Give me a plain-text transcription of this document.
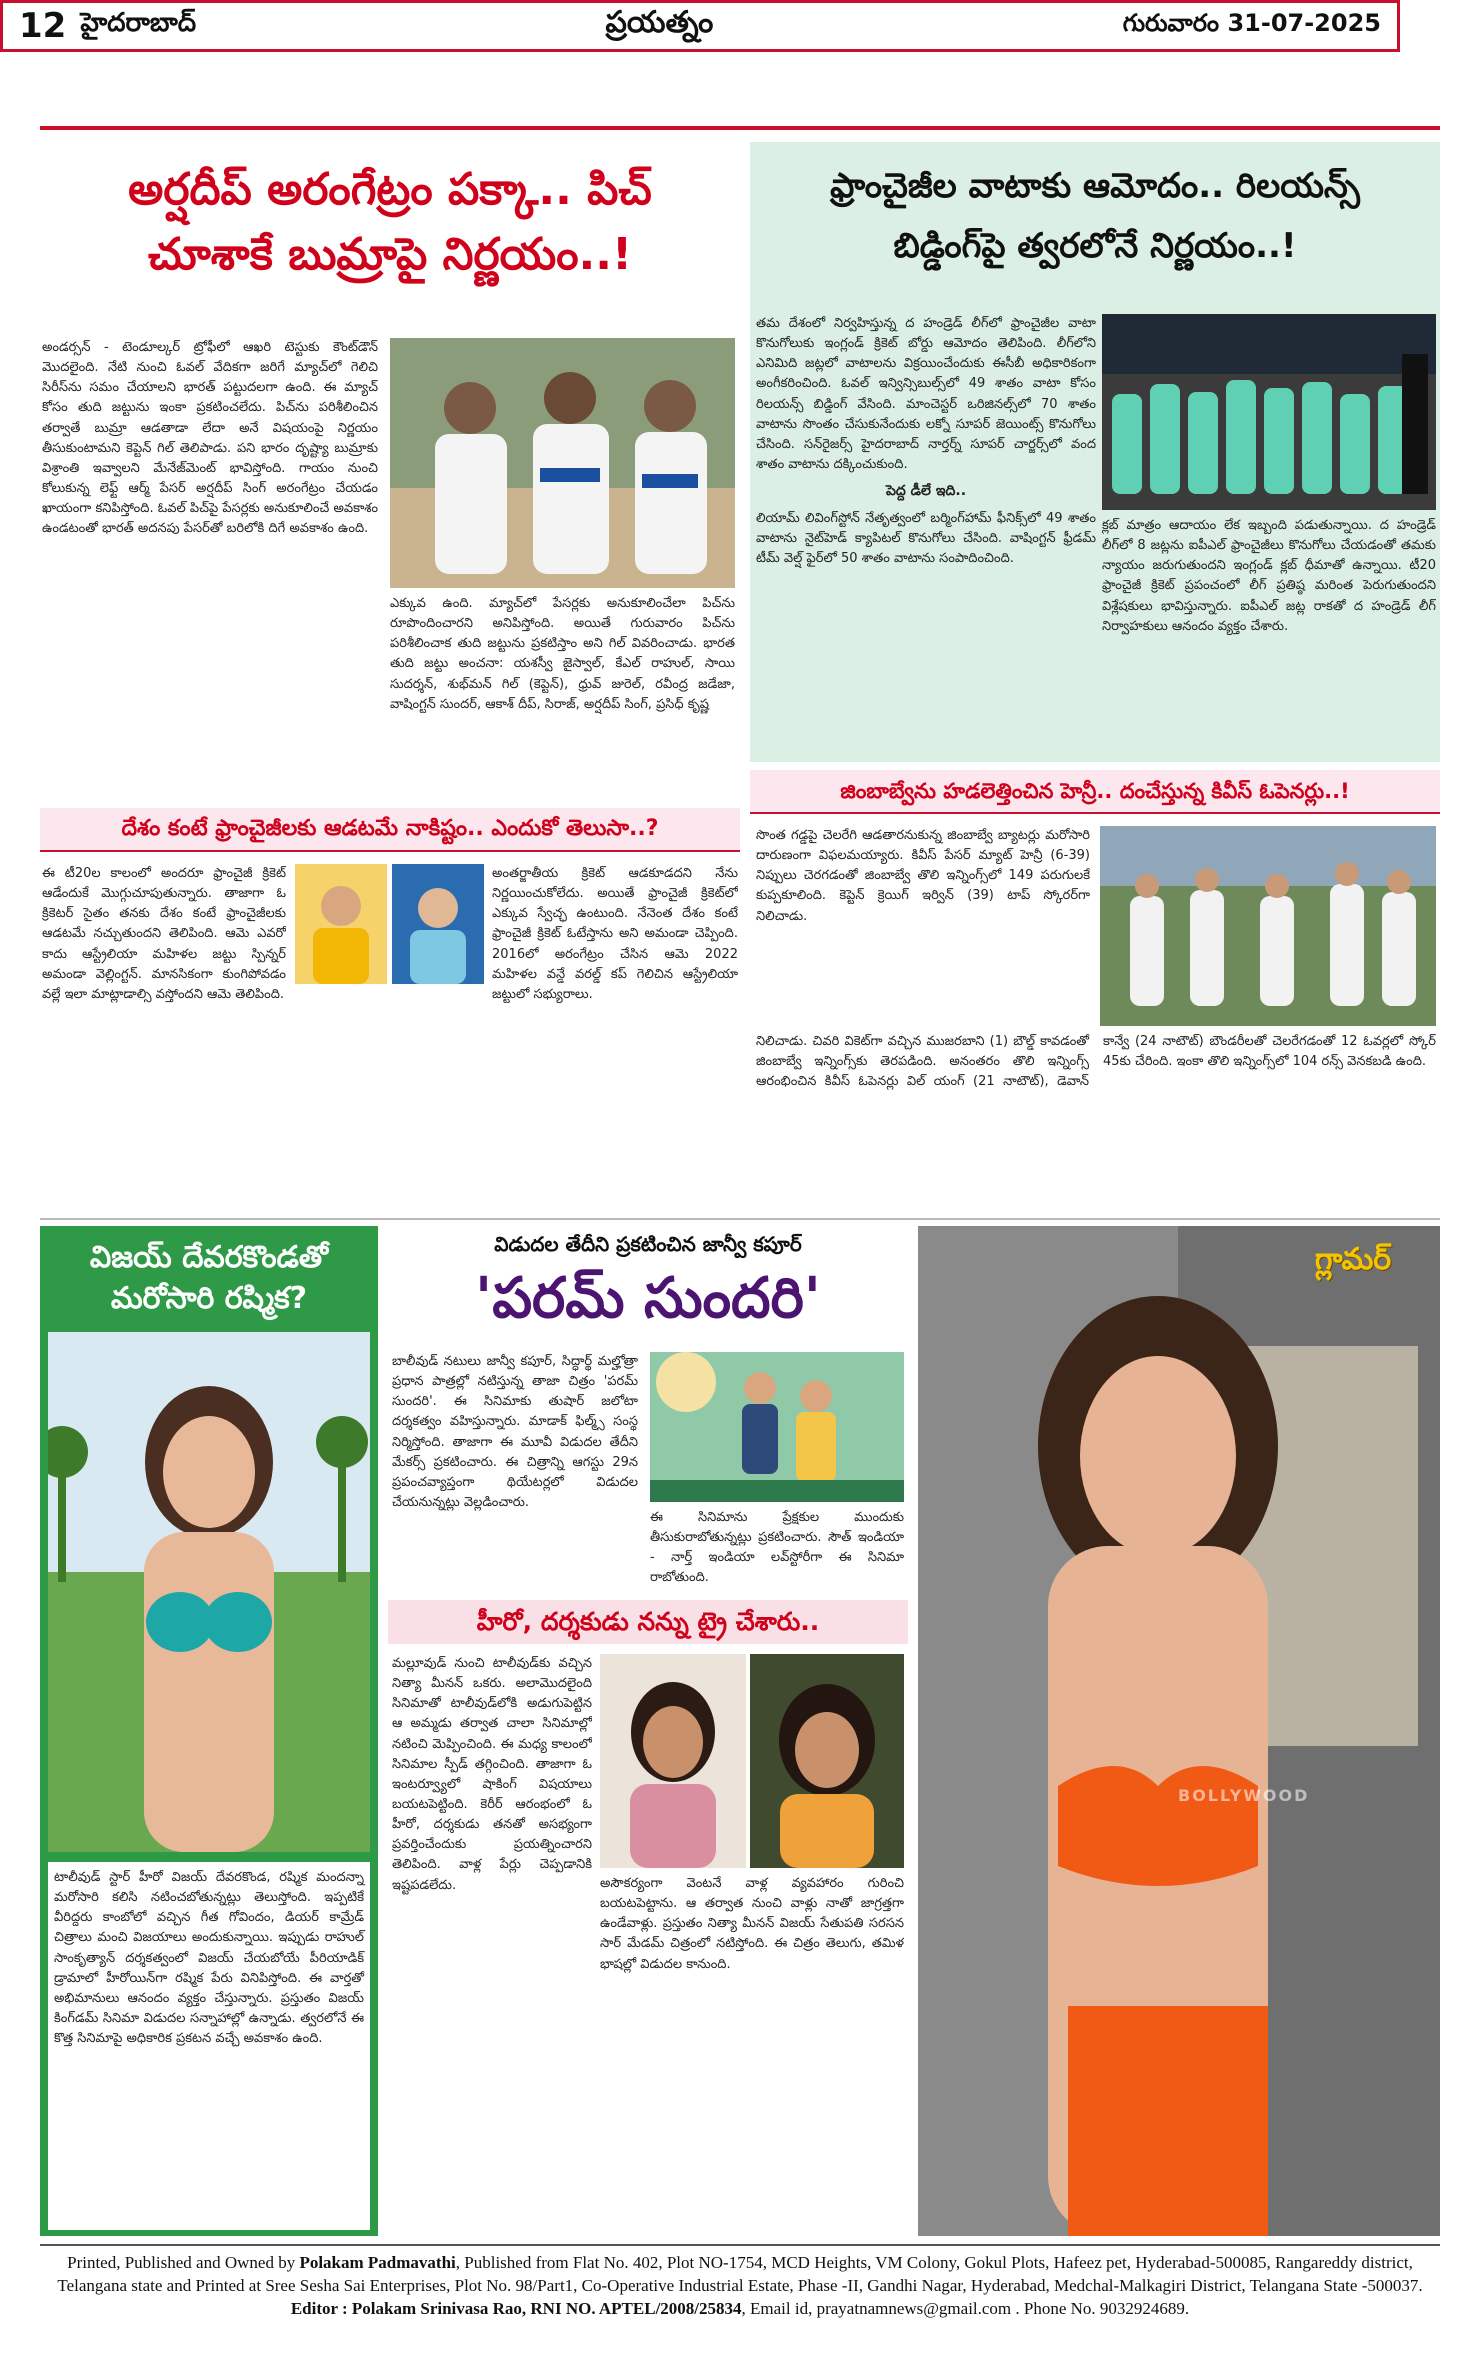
12 హైదరాబాద్	ప్రయత్నం	గురువారం 31-07-2025
అర్షదీప్ అరంగేట్రం పక్కా.. పిచ్
చూశాకే బుమ్రాపై నిర్ణయం..!
అండర్సన్ - టెండూల్కర్ ట్రోఫీలో ఆఖరి టెస్టుకు కౌంట్‌డౌన్ మొదలైంది. నేటి నుంచి ఓవల్ వేదికగా జరిగే మ్యాచ్‌లో గెలిచి సిరీస్‌ను సమం చేయాలని భారత్ పట్టుదలగా ఉంది. ఈ మ్యాచ్ కోసం తుది జట్టును ఇంకా ప్రకటించలేదు. పిచ్‌ను పరిశీలించిన తర్వాతే బుమ్రా ఆడతాడా లేదా అనే విషయంపై నిర్ణయం తీసుకుంటామని కెప్టెన్ గిల్ తెలిపాడు. పని భారం దృష్ట్యా బుమ్రాకు విశ్రాంతి ఇవ్వాలని మేనేజ్‌మెంట్ భావిస్తోంది. గాయం నుంచి కోలుకున్న లెఫ్ట్ ఆర్మ్ పేసర్ అర్షదీప్ సింగ్ అరంగేట్రం చేయడం ఖాయంగా కనిపిస్తోంది. ఓవల్ పిచ్‌పై పేసర్లకు అనుకూలించే అవకాశం ఉండటంతో భారత్ అదనపు పేసర్‌తో బరిలోకి దిగే అవకాశం ఉంది.
ఎక్కువ ఉంది. మ్యాచ్‌లో పేసర్లకు అనుకూలించేలా పిచ్‌ను రూపొందించారని అనిపిస్తోంది. అయితే గురువారం పిచ్‌ను పరిశీలించాక తుది జట్టును ప్రకటిస్తాం అని గిల్ వివరించాడు. భారత తుది జట్టు అంచనా: యశస్వీ జైస్వాల్, కేఎల్ రాహుల్, సాయి సుదర్శన్, శుభ్‌మన్ గిల్ (కెప్టెన్), ధ్రువ్ జురెల్, రవీంద్ర జడేజా, వాషింగ్టన్ సుందర్, ఆకాశ్ దీప్, సిరాజ్, అర్షదీప్ సింగ్, ప్రసిధ్ కృష్ణ
దేశం కంటే ఫ్రాంచైజీలకు ఆడటమే నాకిష్టం.. ఎందుకో తెలుసా..?
ఈ టీ20ల కాలంలో అందరూ ఫ్రాంచైజీ క్రికెట్ ఆడేందుకే మొగ్గుచూపుతున్నారు. తాజాగా ఓ క్రికెటర్ సైతం తనకు దేశం కంటే ఫ్రాంచైజీలకు ఆడటమే నచ్చుతుందని తెలిపింది. ఆమె ఎవరో కాదు ఆస్ట్రేలియా మహిళల జట్టు స్పిన్నర్ అమండా వెల్లింగ్టన్. మానసికంగా కుంగిపోవడం వల్లే ఇలా మాట్లాడాల్సి వస్తోందని ఆమె తెలిపింది.
అంతర్జాతీయ క్రికెట్ ఆడకూడదని నేను నిర్ణయించుకోలేదు. అయితే ఫ్రాంచైజీ క్రికెట్‌లో ఎక్కువ స్వేచ్ఛ ఉంటుంది. నేనెంత దేశం కంటే ఫ్రాంచైజీ క్రికెట్ ఓటేస్తాను అని అమండా చెప్పింది. 2016లో అరంగేట్రం చేసిన ఆమె 2022 మహిళల వన్డే వరల్డ్ కప్ గెలిచిన ఆస్ట్రేలియా జట్టులో సభ్యురాలు.
ఫ్రాంచైజీల వాటాకు ఆమోదం.. రిలయన్స్
బిడ్డింగ్‌పై త్వరలోనే నిర్ణయం..!
తమ దేశంలో నిర్వహిస్తున్న ద హండ్రెడ్ లీగ్‌లో ఫ్రాంచైజీల వాటా కొనుగోలుకు ఇంగ్లండ్ క్రికెట్ బోర్డు ఆమోదం తెలిపింది. లీగ్‌లోని ఎనిమిది జట్లలో వాటాలను విక్రయించేందుకు ఈసీబీ అధికారికంగా అంగీకరించింది. ఓవల్ ఇన్విన్సిబుల్స్‌లో 49 శాతం వాటా కోసం రిలయన్స్ బిడ్డింగ్ వేసింది. మాంచెస్టర్ ఒరిజినల్స్‌లో 70 శాతం వాటాను సొంతం చేసుకునేందుకు లక్నో సూపర్ జెయింట్స్ కొనుగోలు చేసింది. సన్‌రైజర్స్ హైదరాబాద్ నార్తర్న్ సూపర్ చార్జర్స్‌లో వంద శాతం వాటాను దక్కించుకుంది.
పెద్ద డీలే ఇది..
లియామ్ లివింగ్‌స్టోన్ నేతృత్వంలో బర్మింగ్‌హామ్ ఫీనిక్స్‌లో 49 శాతం వాటాను నైట్‌హెడ్ క్యాపిటల్ కొనుగోలు చేసింది. వాషింగ్టన్ ఫ్రీడమ్ టీమ్ వెల్ష్ ఫైర్‌లో 50 శాతం వాటాను సంపాదించింది.
క్లబ్ మాత్రం ఆదాయం లేక ఇబ్బంది పడుతున్నాయి. ద హండ్రెడ్ లీగ్‌లో 8 జట్లను ఐపీఎల్ ఫ్రాంచైజీలు కొనుగోలు చేయడంతో తమకు న్యాయం జరుగుతుందని ఇంగ్లండ్ క్లబ్ ధీమాతో ఉన్నాయి. టీ20 ఫ్రాంచైజీ క్రికెట్ ప్రపంచంలో లీగ్ ప్రతిష్ఠ మరింత పెరుగుతుందని విశ్లేషకులు భావిస్తున్నారు. ఐపీఎల్ జట్ల రాకతో ద హండ్రెడ్ లీగ్ నిర్వాహకులు ఆనందం వ్యక్తం చేశారు.
జింబాబ్వేను హడలెత్తించిన హెన్రీ.. దంచేస్తున్న కివీస్ ఓపెనర్లు..!
సొంత గడ్డపై చెలరేగి ఆడతారనుకున్న జింబాబ్వే బ్యాటర్లు మరోసారి దారుణంగా విఫలమయ్యారు. కివీస్ పేసర్ మ్యాట్ హెన్రీ (6-39) నిప్పులు చెరగడంతో జింబాబ్వే తొలి ఇన్నింగ్స్‌లో 149 పరుగులకే కుప్పకూలింది. కెప్టెన్ క్రెయిగ్ ఇర్విన్ (39) టాప్ స్కోరర్‌గా నిలిచాడు.
నిలిచాడు. చివరి వికెట్‌గా వచ్చిన ముజరబాని (1) బౌల్డ్ కావడంతో జింబాబ్వే ఇన్నింగ్స్‌కు తెరపడింది. అనంతరం తొలి ఇన్నింగ్స్ ఆరంభించిన కివీస్ ఓపెనర్లు విల్ యంగ్ (21 నాటౌట్), డెవాన్ కాన్వే (24 నాటౌట్) బౌండరీలతో చెలరేగడంతో 12 ఓవర్లలో స్కోర్ 45కు చేరింది. ఇంకా తొలి ఇన్నింగ్స్‌లో 104 రన్స్ వెనకబడి ఉంది.
విజయ్ దేవరకొండతో
మరోసారి రష్మిక?
టాలీవుడ్ స్టార్ హీరో విజయ్ దేవరకొండ, రష్మిక మందన్నా మరోసారి కలిసి నటించబోతున్నట్లు తెలుస్తోంది. ఇప్పటికే వీరిద్దరు కాంబోలో వచ్చిన గీత గోవిందం, డియర్ కామ్రేడ్ చిత్రాలు మంచి విజయాలు అందుకున్నాయి. ఇప్పుడు రాహుల్ సాంకృత్యాన్ దర్శకత్వంలో విజయ్ చేయబోయే పీరియాడిక్ డ్రామాలో హీరోయిన్‌గా రష్మిక పేరు వినిపిస్తోంది. ఈ వార్తతో అభిమానులు ఆనందం వ్యక్తం చేస్తున్నారు. ప్రస్తుతం విజయ్ కింగ్‌డమ్ సినిమా విడుదల సన్నాహాల్లో ఉన్నాడు. త్వరలోనే ఈ కొత్త సినిమాపై అధికారిక ప్రకటన వచ్చే అవకాశం ఉంది.
విడుదల తేదీని ప్రకటించిన జాన్వీ కపూర్
'పరమ్ సుందరి'
బాలీవుడ్ నటులు జాన్వీ కపూర్, సిద్ధార్థ్ మల్హోత్రా ప్రధాన పాత్రల్లో నటిస్తున్న తాజా చిత్రం 'పరమ్ సుందరి'. ఈ సినిమాకు తుషార్ జలోటా దర్శకత్వం వహిస్తున్నారు. మాడాక్ ఫిల్మ్స్ సంస్థ నిర్మిస్తోంది. తాజాగా ఈ మూవీ విడుదల తేదీని మేకర్స్ ప్రకటించారు. ఈ చిత్రాన్ని ఆగస్టు 29న ప్రపంచవ్యాప్తంగా థియేటర్లలో విడుదల చేయనున్నట్లు వెల్లడించారు.
ఈ సినిమాను ప్రేక్షకుల ముందుకు తీసుకురాబోతున్నట్లు ప్రకటించారు. సౌత్ ఇండియా - నార్త్ ఇండియా లవ్‌స్టోరీగా ఈ సినిమా రాబోతుంది.
హీరో, దర్శకుడు నన్ను ట్రై చేశారు..
మల్లూవుడ్ నుంచి టాలీవుడ్‌కు వచ్చిన నిత్యా మీనన్ ఒకరు. అలామొదలైంది సినిమాతో టాలీవుడ్‌లోకి అడుగుపెట్టిన ఆ అమ్మడు తర్వాత చాలా సినిమాల్లో నటించి మెప్పించింది. ఈ మధ్య కాలంలో సినిమాల స్పీడ్ తగ్గించింది. తాజాగా ఓ ఇంటర్వ్యూలో షాకింగ్ విషయాలు బయటపెట్టింది. కెరీర్ ఆరంభంలో ఓ హీరో, దర్శకుడు తనతో అసభ్యంగా ప్రవర్తించేందుకు ప్రయత్నించారని తెలిపింది. వాళ్ల పేర్లు చెప్పడానికి ఇష్టపడలేదు.	అసౌకర్యంగా వెంటనే వాళ్ల వ్యవహారం గురించి బయటపెట్టాను. ఆ తర్వాత నుంచి వాళ్లు నాతో జాగ్రత్తగా ఉండేవాళ్లు. ప్రస్తుతం నిత్యా మీనన్ విజయ్ సేతుపతి సరసన సార్ మేడమ్ చిత్రంలో నటిస్తోంది. ఈ చిత్రం తెలుగు, తమిళ భాషల్లో విడుదల కానుంది.
గ్లామర్
BOLLYWOOD
Printed, Published and Owned by Polakam Padmavathi, Published from Flat No. 402, Plot NO-1754, MCD Heights, VM Colony, Gokul Plots, Hafeez pet, Hyderabad-500085, Rangareddy district, Telangana state and Printed at Sree Sesha Sai Enterprises, Plot No. 98/Part1, Co-Operative Industrial Estate, Phase -II, Gandhi Nagar, Hyderabad, Medchal-Malkagiri District, Telangana State -500037. Editor : Polakam Srinivasa Rao, RNI NO. APTEL/2008/25834, Email id, prayatnamnews@gmail.com . Phone No. 9032924689.
